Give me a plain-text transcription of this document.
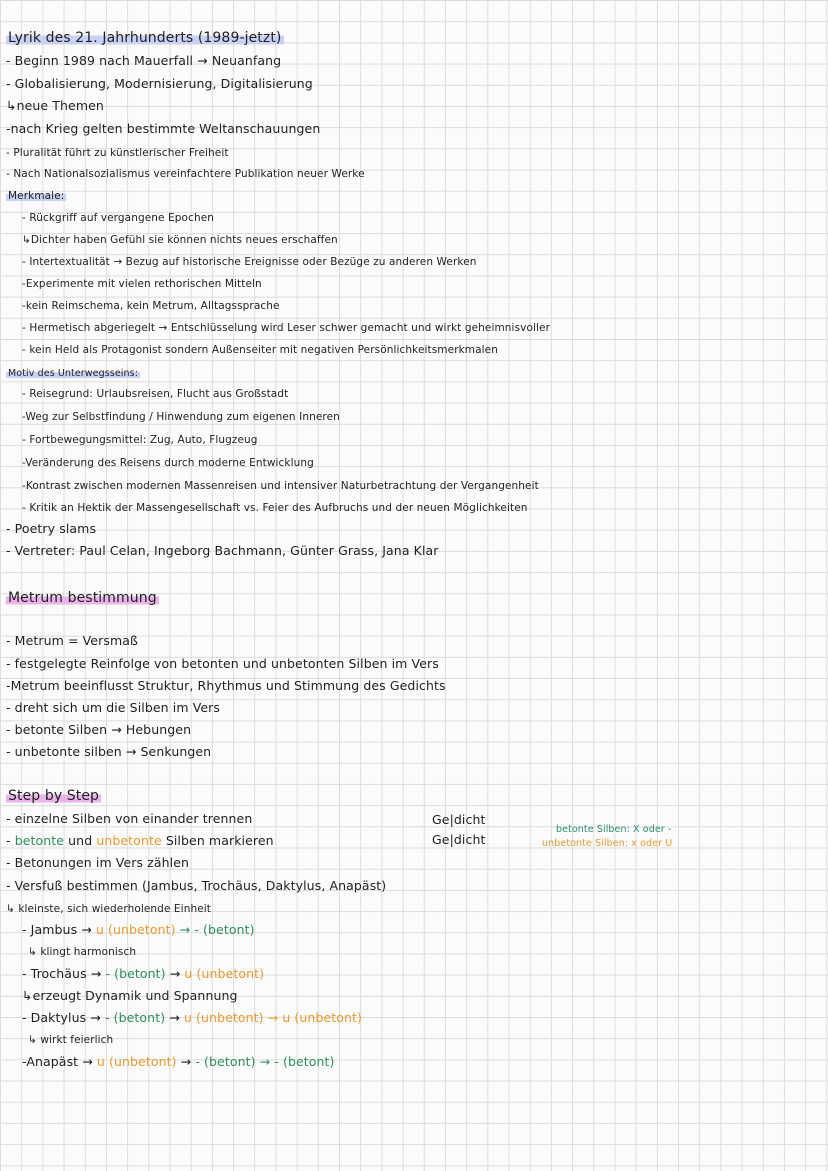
Lyrik des 21. Jahrhunderts (1989-jetzt)
- Beginn 1989 nach Mauerfall → Neuanfang
- Globalisierung, Modernisierung, Digitalisierung
↳neue Themen
-nach Krieg gelten bestimmte Weltanschauungen
- Pluralität führt zu künstlerischer Freiheit
- Nach Nationalsozialismus vereinfachtere Publikation neuer Werke
Merkmale:
- Rückgriff auf vergangene Epochen
↳Dichter haben Gefühl sie können nichts neues erschaffen
- Intertextualität → Bezug auf historische Ereignisse oder Bezüge zu anderen Werken
-Experimente mit vielen rethorischen Mitteln
-kein Reimschema, kein Metrum, Alltagssprache
- Hermetisch abgeriegelt → Entschlüsselung wird Leser schwer gemacht und wirkt geheimnisvoller
- kein Held als Protagonist sondern Außenseiter mit negativen Persönlichkeitsmerkmalen
Motiv des Unterwegsseins:
- Reisegrund: Urlaubsreisen, Flucht aus Großstadt
-Weg zur Selbstfindung / Hinwendung zum eigenen Inneren
- Fortbewegungsmittel: Zug, Auto, Flugzeug
-Veränderung des Reisens durch moderne Entwicklung
-Kontrast zwischen modernen Massenreisen und intensiver Naturbetrachtung der Vergangenheit
- Kritik an Hektik der Massengesellschaft vs. Feier des Aufbruchs und der neuen Möglichkeiten
- Poetry slams
- Vertreter: Paul Celan, Ingeborg Bachmann, Günter Grass, Jana Klar
Metrum bestimmung
- Metrum = Versmaß
- festgelegte Reinfolge von betonten und unbetonten Silben im Vers
-Metrum beeinflusst Struktur, Rhythmus und Stimmung des Gedichts
- dreht sich um die Silben im Vers
- betonte Silben → Hebungen
- unbetonte silben → Senkungen
Step by Step
- einzelne Silben von einander trennen
- betonte und unbetonte Silben markieren
Ge|dicht
Ge|dicht
betonte Silben: X oder -
unbetonte Silben: x oder U
- Betonungen im Vers zählen
- Versfuß bestimmen (Jambus, Trochäus, Daktylus, Anapäst)
↳ kleinste, sich wiederholende Einheit
- Jambus → u (unbetont) → - (betont)
↳ klingt harmonisch
- Trochäus → - (betont) → u (unbetont)
↳erzeugt Dynamik und Spannung
- Daktylus → - (betont) → u (unbetont) → u (unbetont)
↳ wirkt feierlich
-Anapäst → u (unbetont) → - (betont) → - (betont)
